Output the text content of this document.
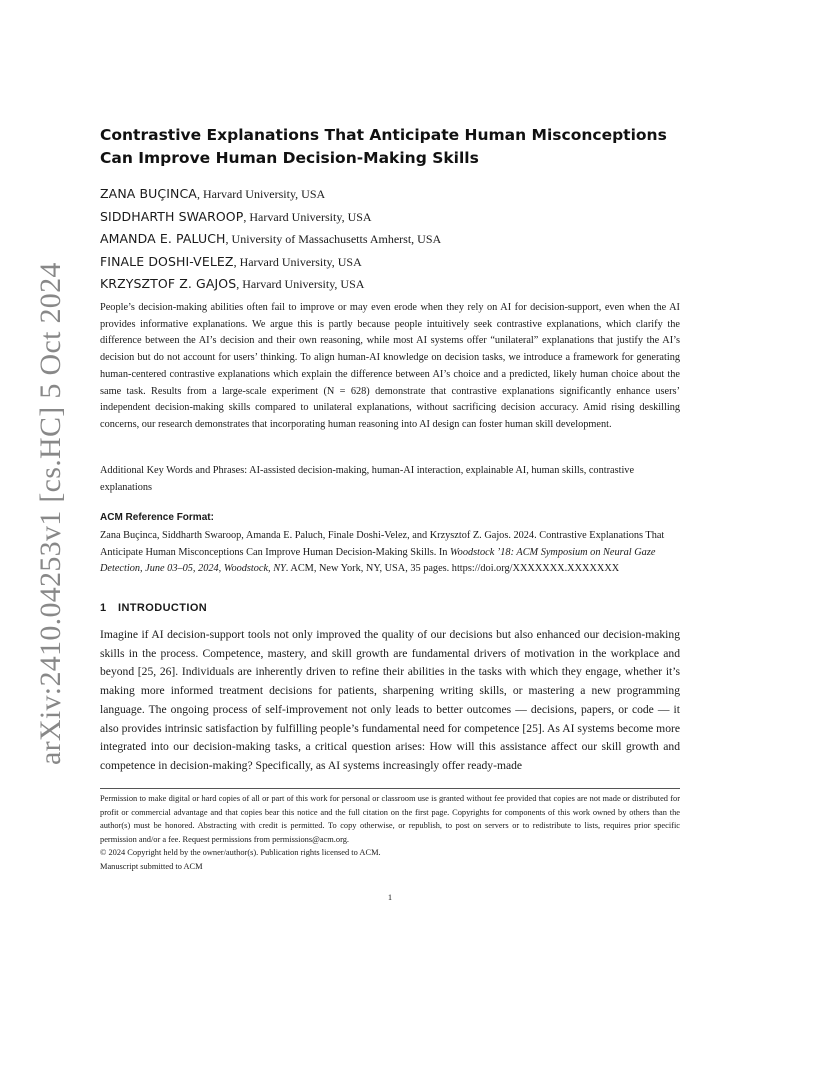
arXiv:2410.04253v1 [cs.HC] 5 Oct 2024
Contrastive Explanations That Anticipate Human Misconceptions Can Improve Human Decision-Making Skills
ZANA BUÇINCA, Harvard University, USA
SIDDHARTH SWAROOP, Harvard University, USA
AMANDA E. PALUCH, University of Massachusetts Amherst, USA
FINALE DOSHI-VELEZ, Harvard University, USA
KRZYSZTOF Z. GAJOS, Harvard University, USA

People’s decision-making abilities often fail to improve or may even erode when they rely on AI for decision-support, even when the AI provides informative explanations. We argue this is partly because people intuitively seek contrastive explanations, which clarify the difference between the AI’s decision and their own reasoning, while most AI systems offer “unilateral” explanations that justify the AI’s decision but do not account for users’ thinking. To align human-AI knowledge on decision tasks, we introduce a framework for generating human-centered contrastive explanations which explain the difference between AI’s choice and a predicted, likely human choice about the same task. Results from a large-scale experiment (N = 628) demonstrate that contrastive explanations significantly enhance users’ independent decision-making skills compared to unilateral explanations, without sacrificing decision accuracy. Amid rising deskilling concerns, our research demonstrates that incorporating human reasoning into AI design can foster human skill development.

Additional Key Words and Phrases: AI-assisted decision-making, human-AI interaction, explainable AI, human skills, contrastive explanations

ACM Reference Format:

Zana Buçinca, Siddharth Swaroop, Amanda E. Paluch, Finale Doshi-Velez, and Krzysztof Z. Gajos. 2024. Contrastive Explanations That Anticipate Human Misconceptions Can Improve Human Decision-Making Skills. In Woodstock ’18: ACM Symposium on Neural Gaze Detection, June 03–05, 2024, Woodstock, NY. ACM, New York, NY, USA, 35 pages. https://doi.org/XXXXXXX.XXXXXXX

1 INTRODUCTION

Imagine if AI decision-support tools not only improved the quality of our decisions but also enhanced our decision-making skills in the process. Competence, mastery, and skill growth are fundamental drivers of motivation in the workplace and beyond [25, 26]. Individuals are inherently driven to refine their abilities in the tasks with which they engage, whether it’s making more informed treatment decisions for patients, sharpening writing skills, or mastering a new programming language. The ongoing process of self-improvement not only leads to better outcomes — decisions, papers, or code — it also provides intrinsic satisfaction by fulfilling people’s fundamental need for competence [25]. As AI systems become more integrated into our decision-making tasks, a critical question arises: How will this assistance affect our skill growth and competence in decision-making? Specifically, as AI systems increasingly offer ready-made

Permission to make digital or hard copies of all or part of this work for personal or classroom use is granted without fee provided that copies are not made or distributed for profit or commercial advantage and that copies bear this notice and the full citation on the first page. Copyrights for components of this work owned by others than the author(s) must be honored. Abstracting with credit is permitted. To copy otherwise, or republish, to post on servers or to redistribute to lists, requires prior specific permission and/or a fee. Request permissions from permissions@acm.org.

© 2024 Copyright held by the owner/author(s). Publication rights licensed to ACM.

Manuscript submitted to ACM

1
